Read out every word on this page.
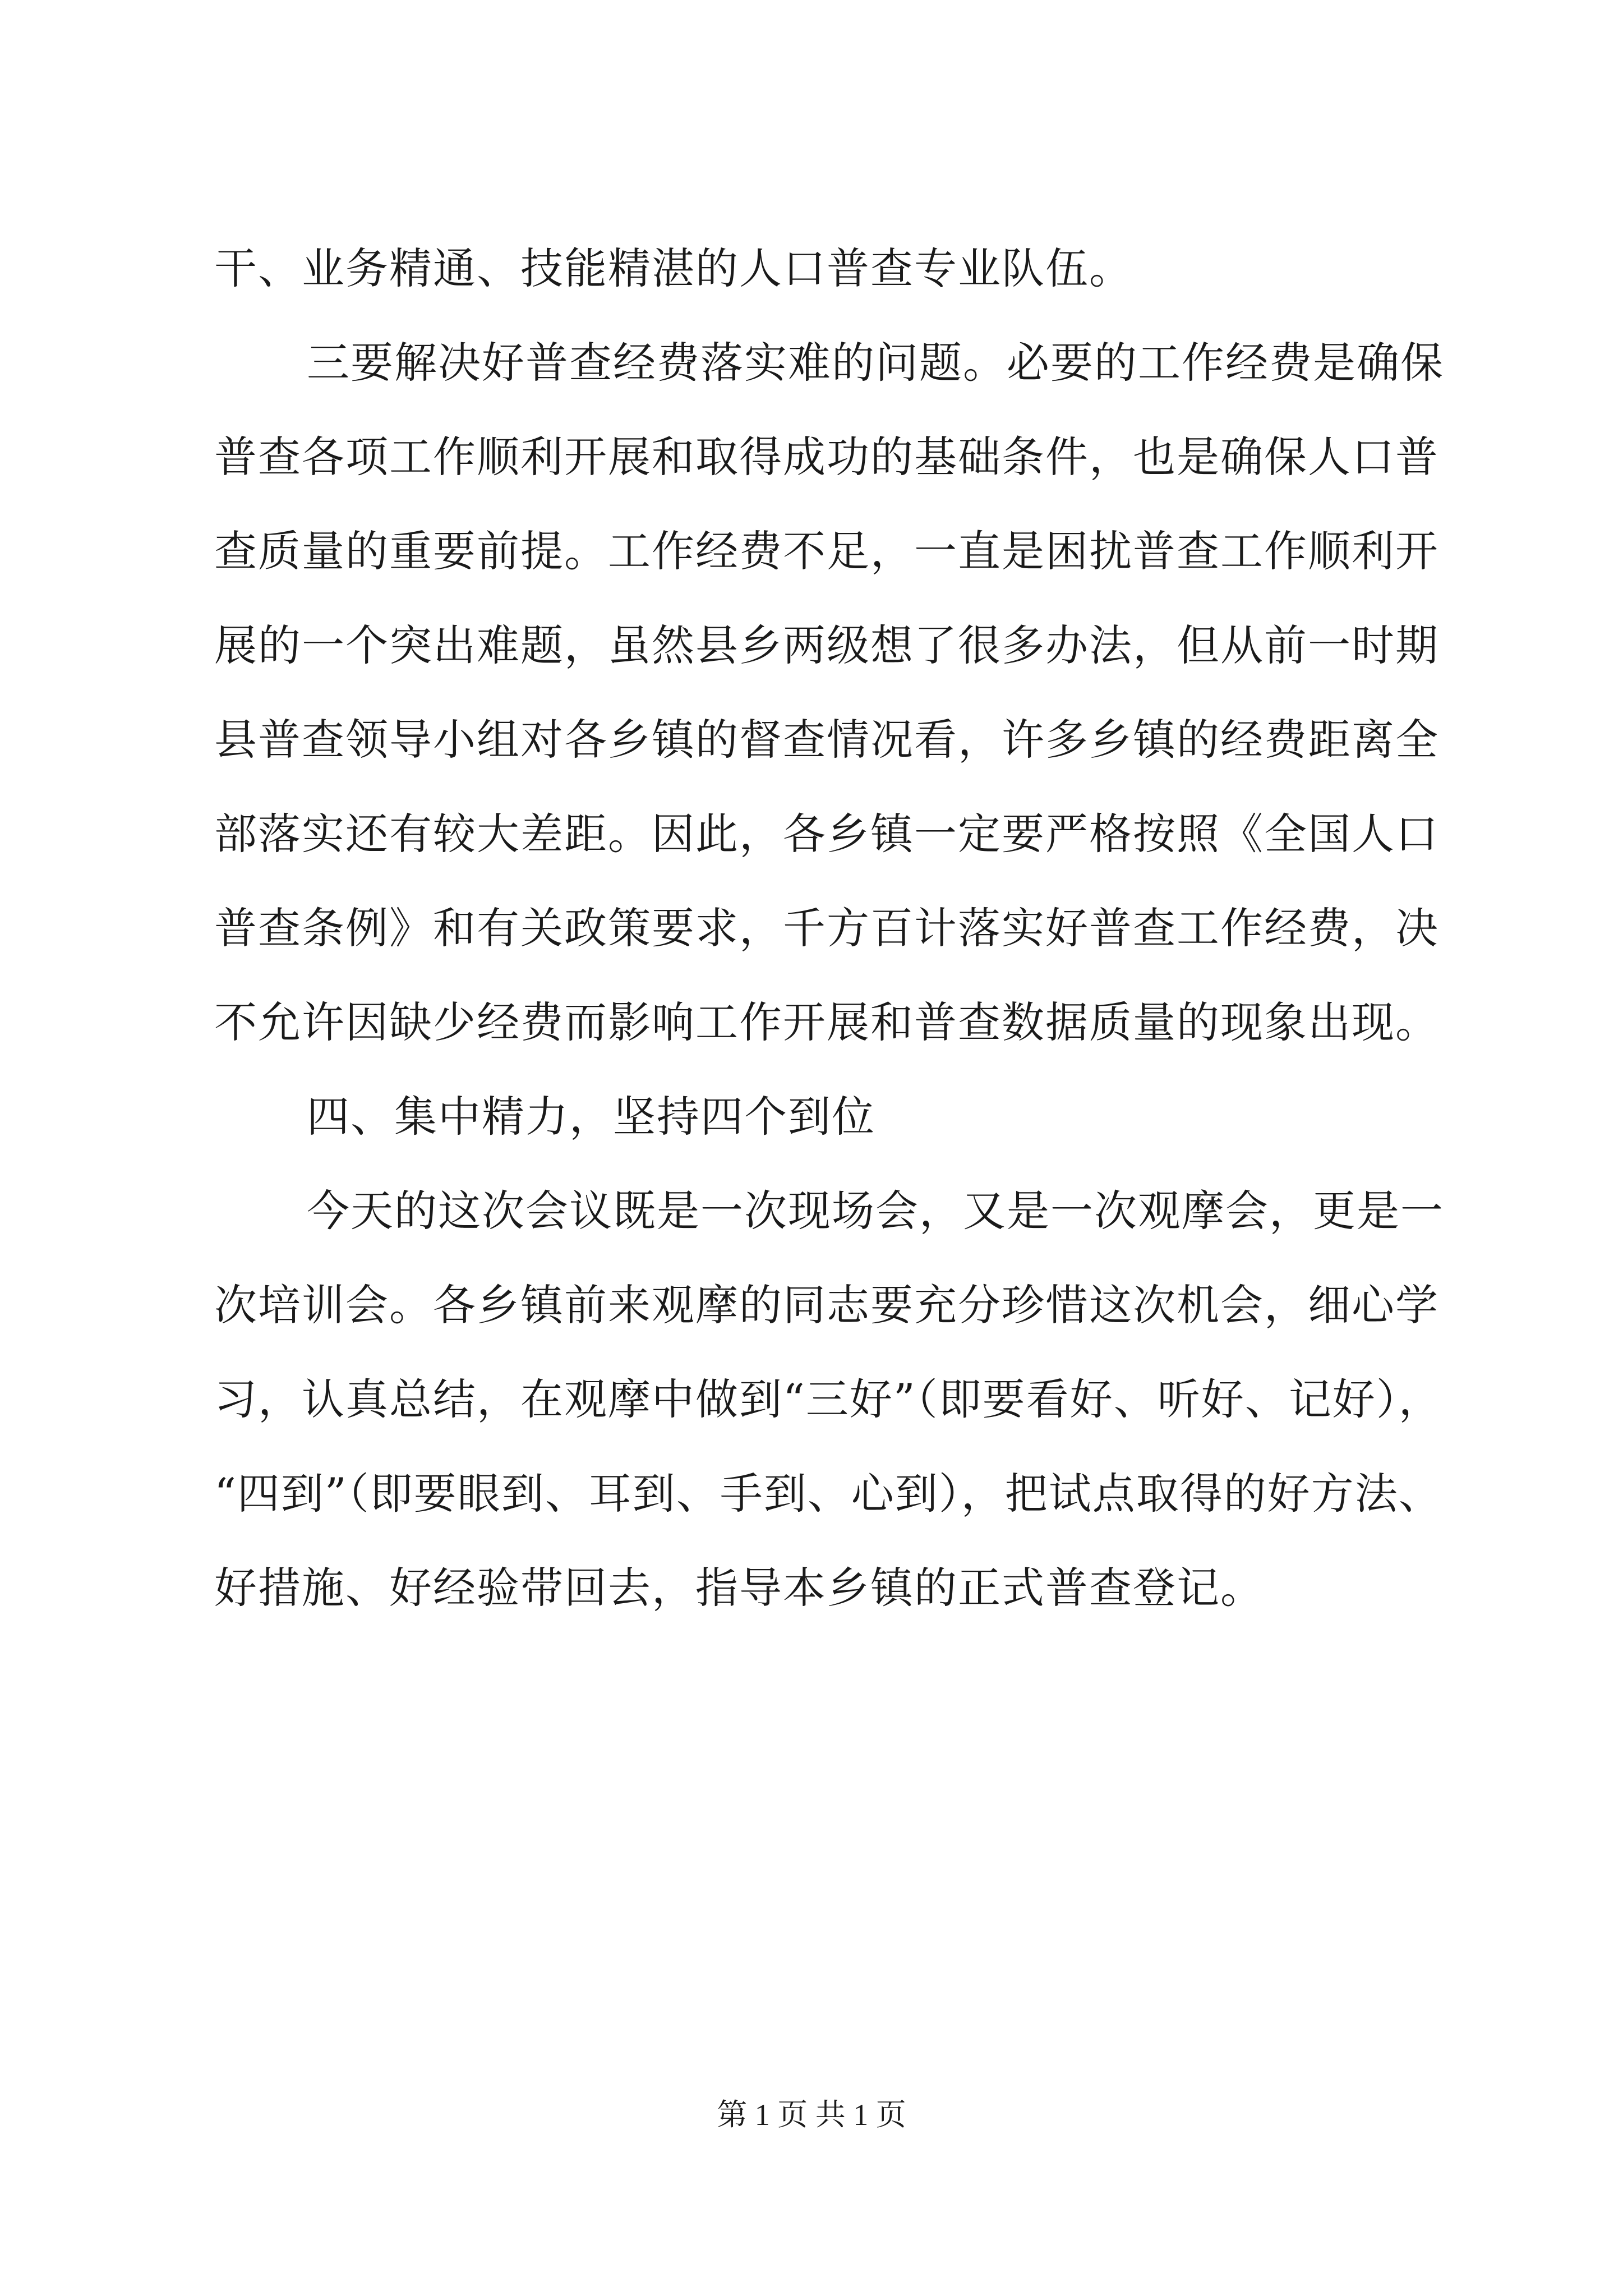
干、业务精通、技能精湛的人口普查专业队伍。
三要解决好普查经费落实难的问题。必要的工作经费是确保
普查各项工作顺利开展和取得成功的基础条件，也是确保人口普
查质量的重要前提。工作经费不足，一直是困扰普查工作顺利开
展的一个突出难题，虽然县乡两级想了很多办法，但从前一时期
县普查领导小组对各乡镇的督查情况看，许多乡镇的经费距离全
部落实还有较大差距。因此，各乡镇一定要严格按照《全国人口
普查条例》和有关政策要求，千方百计落实好普查工作经费，决
不允许因缺少经费而影响工作开展和普查数据质量的现象出现。
四、集中精力，坚持四个到位
今天的这次会议既是一次现场会，又是一次观摩会，更是一
次培训会。各乡镇前来观摩的同志要充分珍惜这次机会，细心学
习，认真总结，在观摩中做到“三好”（即要看好、听好、记好），
“四到”（即要眼到、耳到、手到、心到），把试点取得的好方法、
好措施、好经验带回去，指导本乡镇的正式普查登记。
第 1 页 共 1 页
